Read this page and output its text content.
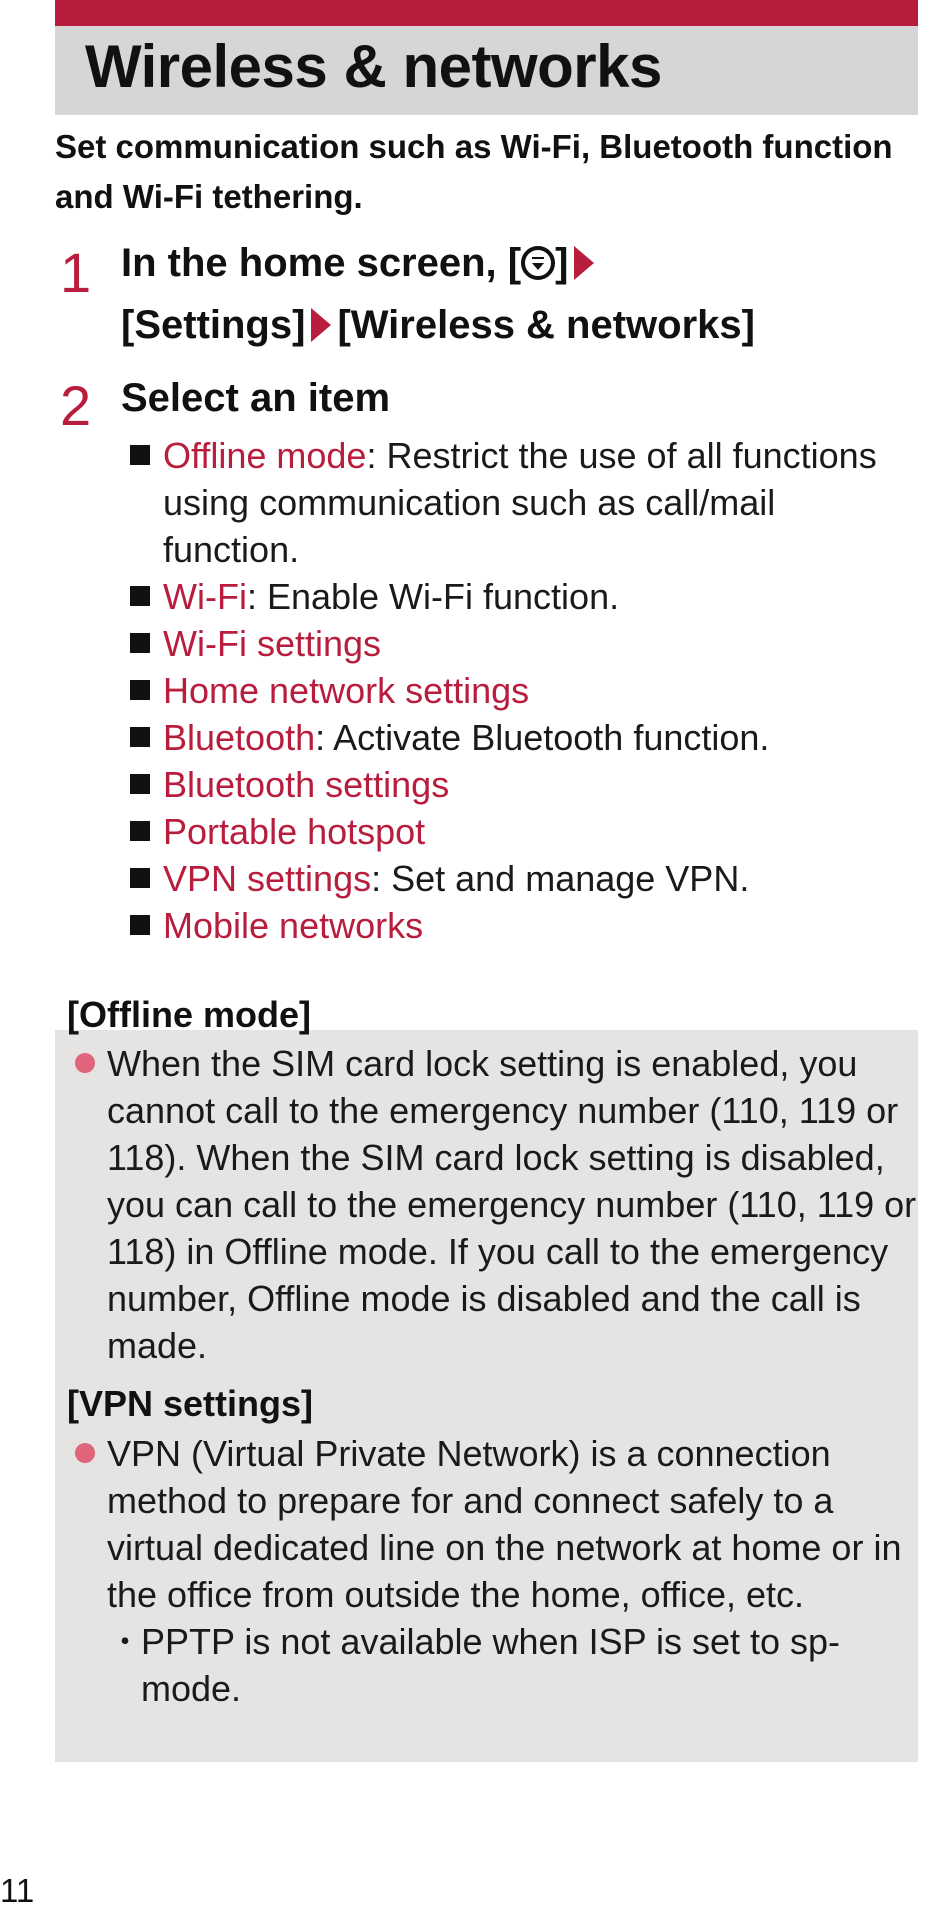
Wireless & networks
Set communication such as Wi-Fi, Bluetooth function and Wi-Fi tethering.
1 In the home screen, [ ]
[Settings] [Wireless & networks]
2 Select an item
Offline mode: Restrict the use of all functions using communication such as call/mail function.
Wi-Fi: Enable Wi-Fi function.
Wi-Fi settings
Home network settings
Bluetooth: Activate Bluetooth function.
Bluetooth settings
Portable hotspot
VPN settings: Set and manage VPN.
Mobile networks
[Offline mode]
When the SIM card lock setting is enabled, you cannot call to the emergency number (110, 119 or 118). When the SIM card lock setting is disabled, you can call to the emergency number (110, 119 or 118) in Offline mode. If you call to the emergency number, Offline mode is disabled and the call is made.
[VPN settings]
VPN (Virtual Private Network) is a connection method to prepare for and connect safely to a virtual dedicated line on the network at home or in the office from outside the home, office, etc.
・
PPTP is not available when ISP is set to sp-mode.
11
